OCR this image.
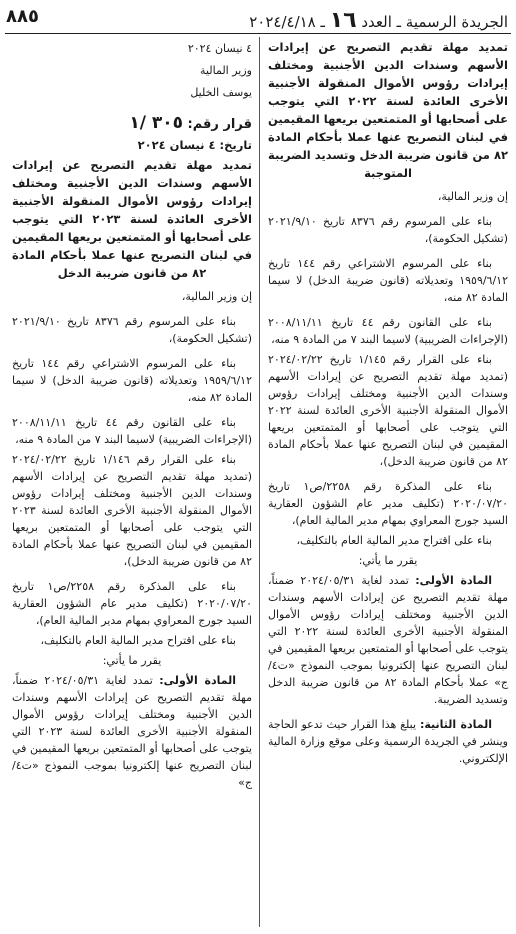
الجريدة الرسمية ـ العدد ١٦ ـ ٢٠٢٤/٤/١٨
٨٨٥

تمديد مهلة تقديم التصريح عن إيرادات الأسهم وسندات الدين الأجنبية ومختلف إيرادات رؤوس الأموال المنقولة الأجنبية الأخرى العائدة لسنة ٢٠٢٢ التي يتوجب على أصحابها أو المتمتعين بريعها المقيمين في لبنان التصريح عنها عملا بأحكام المادة ٨٢ من قانون ضريبة الدخل وتسديد الضريبة المتوجبة

إن وزير المالية،

بناء على المرسوم رقم ٨٣٧٦ تاريخ ٢٠٢١/٩/١٠ (تشكيل الحكومة)،

بناء على المرسوم الاشتراعي رقم ١٤٤ تاريخ ١٩٥٩/٦/١٢ وتعديلاته (قانون ضريبة الدخل) لا سيما المادة ٨٢ منه،

بناء على القانون رقم ٤٤ تاريخ ٢٠٠٨/١١/١١ (الإجراءات الضريبية) لاسيما البند ٧ من المادة ٩ منه،

بناء على القرار رقم ١/١٤٥ تاريخ ٢٠٢٤/٠٢/٢٢ (تمديد مهلة تقديم التصريح عن إيرادات الأسهم وسندات الدين الأجنبية ومختلف إيرادات رؤوس الأموال المنقولة الأجنبية الأخرى العائدة لسنة ٢٠٢٢ التي يتوجب على أصحابها أو المتمتعين بريعها المقيمين في لبنان التصريح عنها عملا بأحكام المادة ٨٢ من قانون ضريبة الدخل)،

بناء على المذكرة رقم ٢٢٥٨/ص١ تاريخ ٢٠٢٠/٠٧/٢٠ (تكليف مدير عام الشؤون العقارية السيد جورج المعراوي بمهام مدير المالية العام)،

بناء على اقتراح مدير المالية العام بالتكليف،

يقرر ما يأتي:

المادة الأولى: تمدد لغاية ٢٠٢٤/٠٥/٣١ ضمناً، مهلة تقديم التصريح عن إيرادات الأسهم وسندات الدين الأجنبية ومختلف إيرادات رؤوس الأموال المنقولة الأجنبية الأخرى العائدة لسنة ٢٠٢٢ التي يتوجب على أصحابها أو المتمتعين بريعها المقيمين في لبنان التصريح عنها إلكترونيا بموجب النموذج «ت٤/ج» عملا بأحكام المادة ٨٢ من قانون ضريبة الدخل وتسديد الضريبة.

المادة الثانية: يبلغ هذا القرار حيث تدعو الحاجة وينشر في الجريدة الرسمية وعلى موقع وزارة المالية الإلكتروني.

٤ نيسان ٢٠٢٤

وزير المالية

يوسف الخليل

قرار رقم: ٣٠٥ /١

تاريخ: ٤ نيسان ٢٠٢٤

تمديد مهلة تقديم التصريح عن إيرادات الأسهم وسندات الدين الأجنبية ومختلف إيرادات رؤوس الأموال المنقولة الأجنبية الأخرى العائدة لسنة ٢٠٢٣ التي يتوجب على أصحابها أو المتمتعين بريعها المقيمين في لبنان التصريح عنها عملا بأحكام المادة ٨٢ من قانون ضريبة الدخل

إن وزير المالية،

بناء على المرسوم رقم ٨٣٧٦ تاريخ ٢٠٢١/٩/١٠ (تشكيل الحكومة)،

بناء على المرسوم الاشتراعي رقم ١٤٤ تاريخ ١٩٥٩/٦/١٢ وتعديلاته (قانون ضريبة الدخل) لا سيما المادة ٨٢ منه،

بناء على القانون رقم ٤٤ تاريخ ٢٠٠٨/١١/١١ (الإجراءات الضريبية) لاسيما البند ٧ من المادة ٩ منه،

بناء على القرار رقم ١/١٤٦ تاريخ ٢٠٢٤/٠٢/٢٢ (تمديد مهلة تقديم التصريح عن إيرادات الأسهم وسندات الدين الأجنبية ومختلف إيرادات رؤوس الأموال المنقولة الأجنبية الأخرى العائدة لسنة ٢٠٢٣ التي يتوجب على أصحابها أو المتمتعين بريعها المقيمين في لبنان التصريح عنها عملا بأحكام المادة ٨٢ من قانون ضريبة الدخل)،

بناء على المذكرة رقم ٢٢٥٨/ص١ تاريخ ٢٠٢٠/٠٧/٢٠ (تكليف مدير عام الشؤون العقارية السيد جورج المعراوي بمهام مدير المالية العام)،

بناء على اقتراح مدير المالية العام بالتكليف،

يقرر ما يأتي:

المادة الأولى: تمدد لغاية ٢٠٢٤/٠٥/٣١ ضمناً، مهلة تقديم التصريح عن إيرادات الأسهم وسندات الدين الأجنبية ومختلف إيرادات رؤوس الأموال المنقولة الأجنبية الأخرى العائدة لسنة ٢٠٢٣ التي يتوجب على أصحابها أو المتمتعين بريعها المقيمين في لبنان التصريح عنها إلكترونيا بموجب النموذج «ت٤/ج»
